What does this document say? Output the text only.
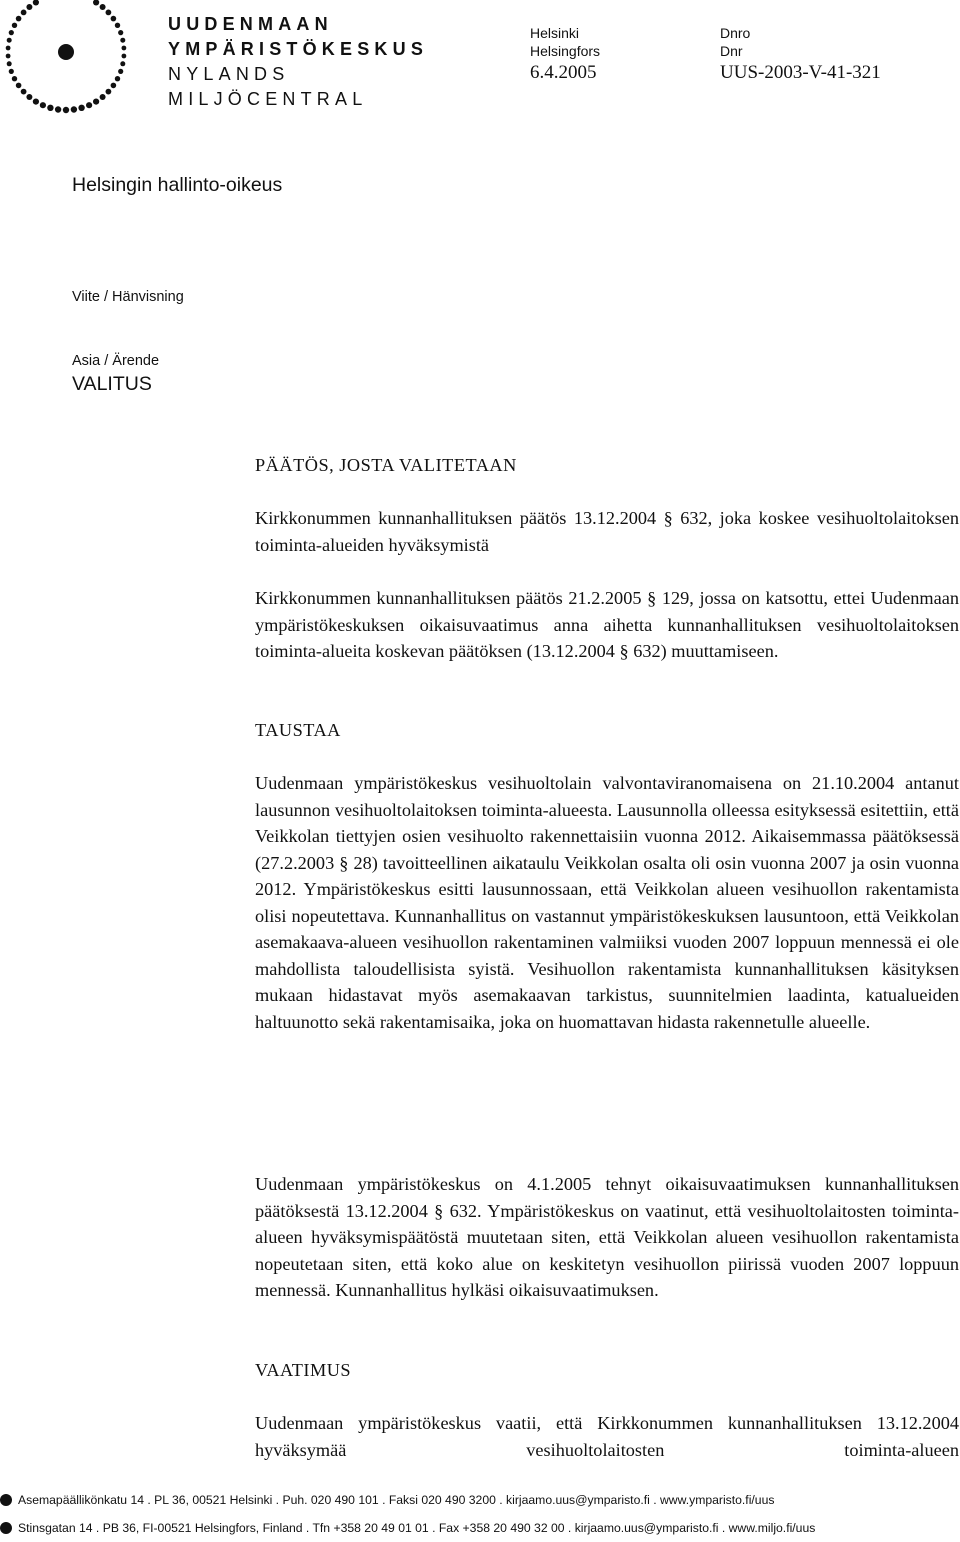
UUDENMAAN
YMPÄRISTÖKESKUS
NYLANDS
MILJÖCENTRAL
Helsinki
Helsingfors
6.4.2005
Dnro
Dnr
UUS-2003-V-41-321
Helsingin hallinto-oikeus
Viite / Hänvisning
Asia / Ärende
VALITUS

PÄÄTÖS, JOSTA VALITETAAN

Kirkkonummen kunnanhallituksen päätös 13.12.2004 § 632, joka koskee vesihuoltolaitoksen toiminta-alueiden hyväksymistä

Kirkkonummen kunnanhallituksen päätös 21.2.2005 § 129, jossa on katsottu, ettei Uudenmaan ympäristökeskuksen oikaisuvaatimus anna aihetta kunnanhallituksen vesihuoltolaitoksen toiminta-alueita koskevan päätöksen (13.12.2004 § 632) muuttamiseen.

TAUSTAA

Uudenmaan ympäristökeskus vesihuoltolain valvontaviranomaisena on 21.10.2004 antanut lausunnon vesihuoltolaitoksen toiminta-alueesta. Lausunnolla olleessa esityksessä esitettiin, että Veikkolan tiettyjen osien vesihuolto rakennettaisiin vuonna 2012. Aikaisemmassa päätöksessä (27.2.2003 § 28) tavoitteellinen aikataulu Veikkolan osalta oli osin vuonna 2007 ja osin vuonna 2012. Ympäristökeskus esitti lausunnossaan, että Veikkolan alueen vesihuollon rakentamista olisi nopeutettava. Kunnanhallitus on vastannut ympäristökeskuksen lausuntoon, että Veikkolan asemakaava-alueen vesihuollon rakentaminen valmiiksi vuoden 2007 loppuun mennessä ei ole mahdollista taloudellisista syistä. Vesihuollon rakentamista kunnanhallituksen käsityksen mukaan hidastavat myös asemakaavan tarkistus, suunnitelmien laadinta, katualueiden haltuunotto sekä rakentamisaika, joka on huomattavan hidasta rakennetulle alueelle.

Uudenmaan ympäristökeskus on 4.1.2005 tehnyt oikaisuvaatimuksen kunnanhallituksen päätöksestä 13.12.2004 § 632. Ympäristökeskus on vaatinut, että vesihuoltolaitosten toiminta-alueen hyväksymispäätöstä muutetaan siten, että Veikkolan alueen vesihuollon rakentamista nopeutetaan siten, että koko alue on keskitetyn vesihuollon piirissä vuoden 2007 loppuun mennessä. Kunnanhallitus hylkäsi oikaisuvaatimuksen.

VAATIMUS

Uudenmaan ympäristökeskus vaatii, että Kirkkonummen kunnanhallituksen 13.12.2004 hyväksymää vesihuoltolaitosten toiminta-alueen

Asemapäällikönkatu 14 . PL 36, 00521 Helsinki . Puh. 020 490 101 . Faksi 020 490 3200 . kirjaamo.uus@ymparisto.fi . www.ymparisto.fi/uus
Stinsgatan 14 . PB 36, FI-00521 Helsingfors, Finland . Tfn +358 20 49 01 01 . Fax +358 20 490 32 00 . kirjaamo.uus@ymparisto.fi . www.miljo.fi/uus
